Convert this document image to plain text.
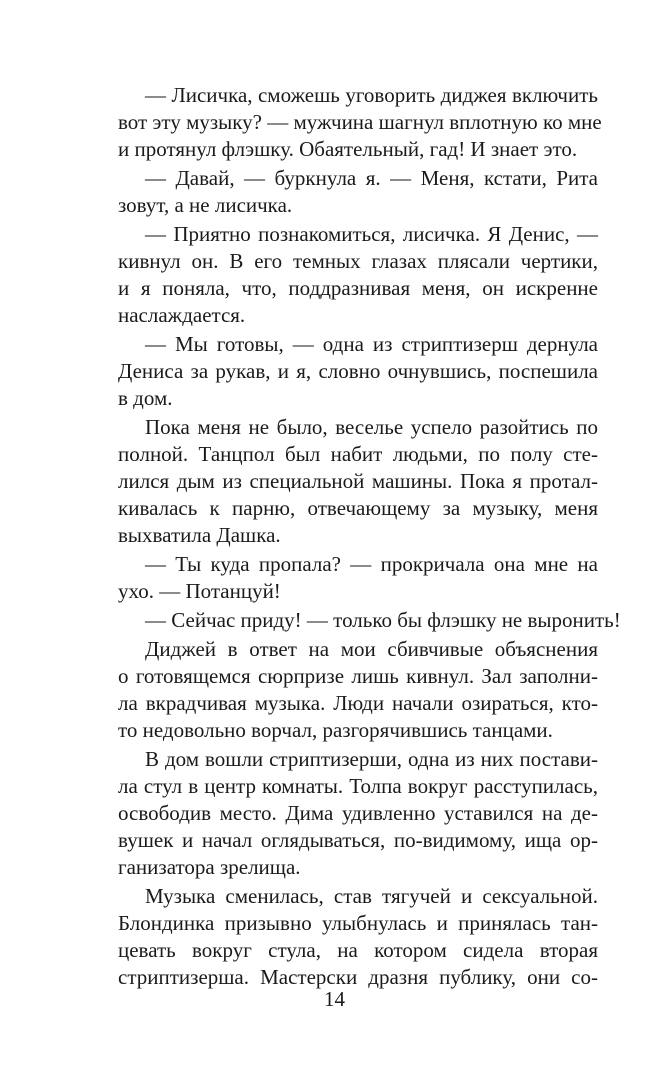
— Лисичка, сможешь уговорить диджея включить
вот эту музыку? — мужчина шагнул вплотную ко мне
и протянул флэшку. Обаятельный, гад! И знает это.
— Давай, — буркнула я. — Меня, кстати, Рита
зовут, а не лисичка.
— Приятно познакомиться, лисичка. Я Денис, —
кивнул он. В его темных глазах плясали чертики,
и я поняла, что, поддразнивая меня, он искренне
наслаждается.
— Мы готовы, — одна из стриптизерш дернула
Дениса за рукав, и я, словно очнувшись, поспешила
в дом.
Пока меня не было, веселье успело разойтись по
полной. Танцпол был набит людьми, по полу сте-
лился дым из специальной машины. Пока я протал-
кивалась к парню, отвечающему за музыку, меня
выхватила Дашка.
— Ты куда пропала? — прокричала она мне на
ухо. — Потанцуй!
— Сейчас приду! — только бы флэшку не выронить!
Диджей в ответ на мои сбивчивые объяснения
о готовящемся сюрпризе лишь кивнул. Зал заполни-
ла вкрадчивая музыка. Люди начали озираться, кто-
то недовольно ворчал, разгорячившись танцами.
В дом вошли стриптизерши, одна из них постави-
ла стул в центр комнаты. Толпа вокруг расступилась,
освободив место. Дима удивленно уставился на де-
вушек и начал оглядываться, по-видимому, ища ор-
ганизатора зрелища.
Музыка сменилась, став тягучей и сексуальной.
Блондинка призывно улыбнулась и принялась тан-
цевать вокруг стула, на котором сидела вторая
стриптизерша. Мастерски дразня публику, они со-
14
